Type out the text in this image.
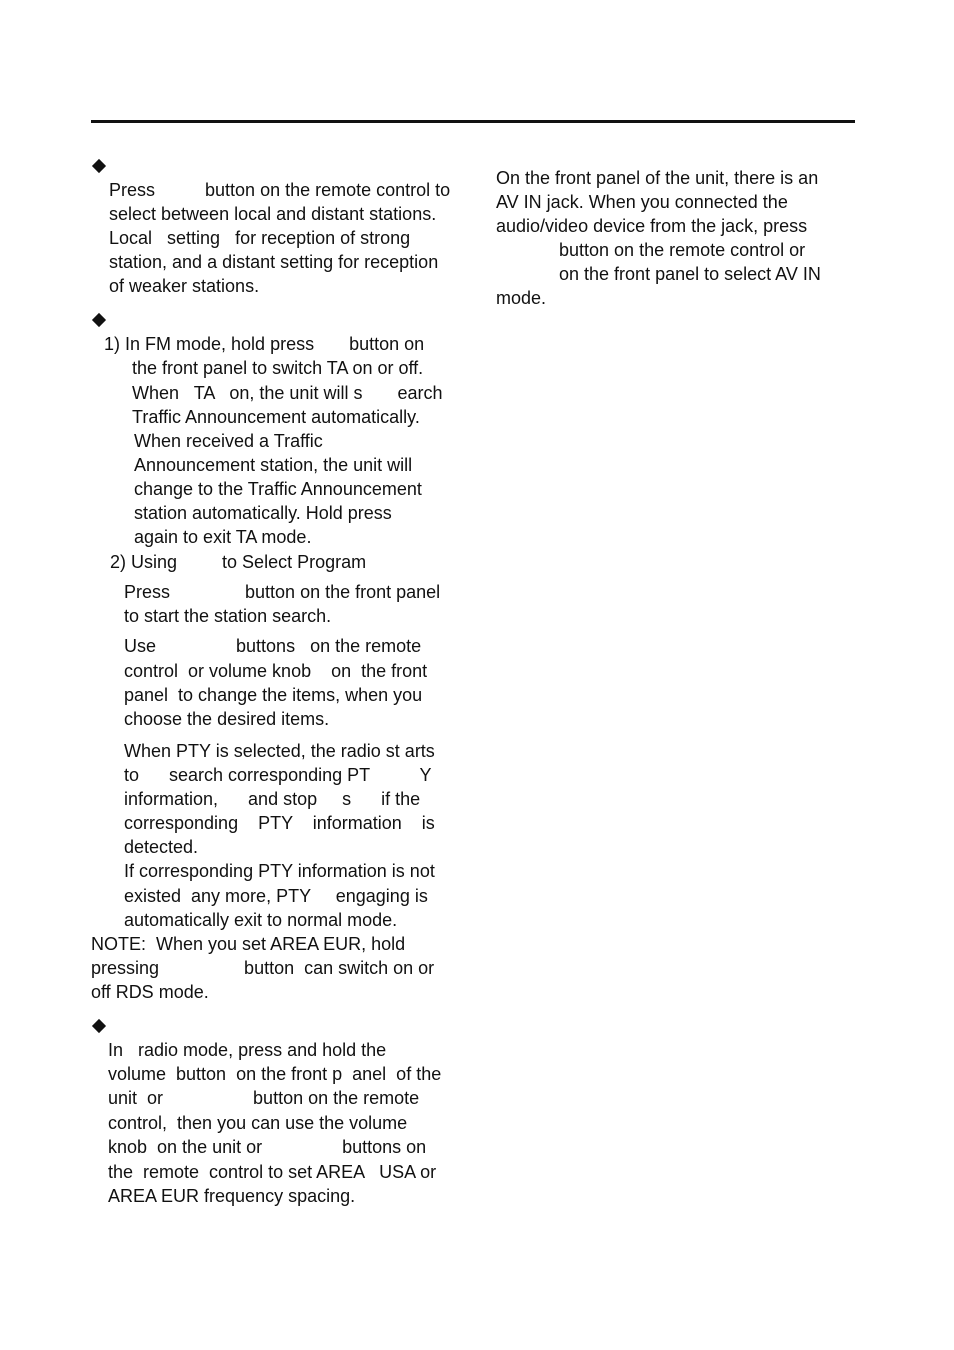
Press          button on the remote control to
select between local and distant stations.
Local   setting   for reception of strong
station, and a distant setting for reception
of weaker stations.
1) In FM mode, hold press       button on
the front panel to switch TA on or off.
When   TA   on, the unit will s       earch
Traffic Announcement automatically.
When received a Traffic
Announcement station, the unit will
change to the Traffic Announcement
station automatically. Hold press
again to exit TA mode.
2) Using         to Select Program
Press               button on the front panel
to start the station search.
Use                buttons   on the remote
control  or volume knob    on  the front
panel  to change the items, when you
choose the desired items.
When PTY is selected, the radio st arts
to      search corresponding PT          Y
information,      and stop     s      if the
corresponding    PTY    information    is
detected.
If corresponding PTY information is not
existed  any more, PTY     engaging is
automatically exit to normal mode.
NOTE:  When you set AREA EUR, hold
pressing                 button  can switch on or
off RDS mode.
In   radio mode, press and hold the
volume  button  on the front p  anel  of the
unit  or                  button on the remote
control,  then you can use the volume
knob  on the unit or                buttons on
the  remote  control to set AREA   USA or
AREA EUR frequency spacing.
On the front panel of the unit, there is an
AV IN jack. When you connected the
audio/video device from the jack, press
button on the remote control or
on the front panel to select AV IN
mode.
